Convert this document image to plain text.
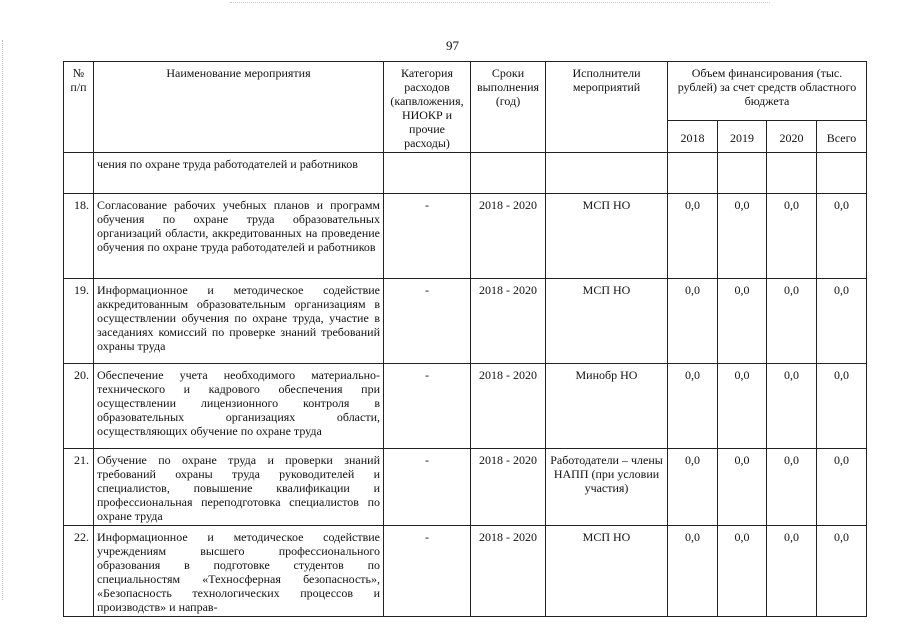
97
№ п/п	Наименование мероприятия	Категория расходов (капвложения, НИОКР и прочие расходы)	Сроки выполнения (год)	Исполнители мероприятий	Объем финансирования (тыс. рублей) за счет средств областного бюджета			
					2018	2019	2020	Всего
	чения по охране труда работодателей и работников							
18.	Согласование рабочих учебных планов и программ обучения по охране труда образовательных организаций области, аккредитованных на проведение обучения по охране труда работодателей и работников	-	2018 - 2020	МСП НО	0,0	0,0	0,0	0,0
19.	Информационное и методическое содействие аккредитованным образовательным организациям в осуществлении обучения по охране труда, участие в заседаниях комиссий по проверке знаний требований охраны труда	-	2018 - 2020	МСП НО	0,0	0,0	0,0	0,0
20.	Обеспечение учета необходимого материально-технического и кадрового обеспечения при осуществлении лицензионного контроля в образовательных организациях области, осуществляющих обучение по охране труда	-	2018 - 2020	Минобр НО	0,0	0,0	0,0	0,0
21.	Обучение по охране труда и проверки знаний требований охраны труда руководителей и специалистов, повышение квалификации и профессиональная переподготовка специалистов по охране труда	-	2018 - 2020	Работодатели – члены НАПП (при условии участия)	0,0	0,0	0,0	0,0
22.	Информационное и методическое содействие учреждениям высшего профессионального образования в подготовке студентов по специальностям «Техносферная безопасность», «Безопасность технологических процессов и производств» и направ-	-	2018 - 2020	МСП НО	0,0	0,0	0,0	0,0
